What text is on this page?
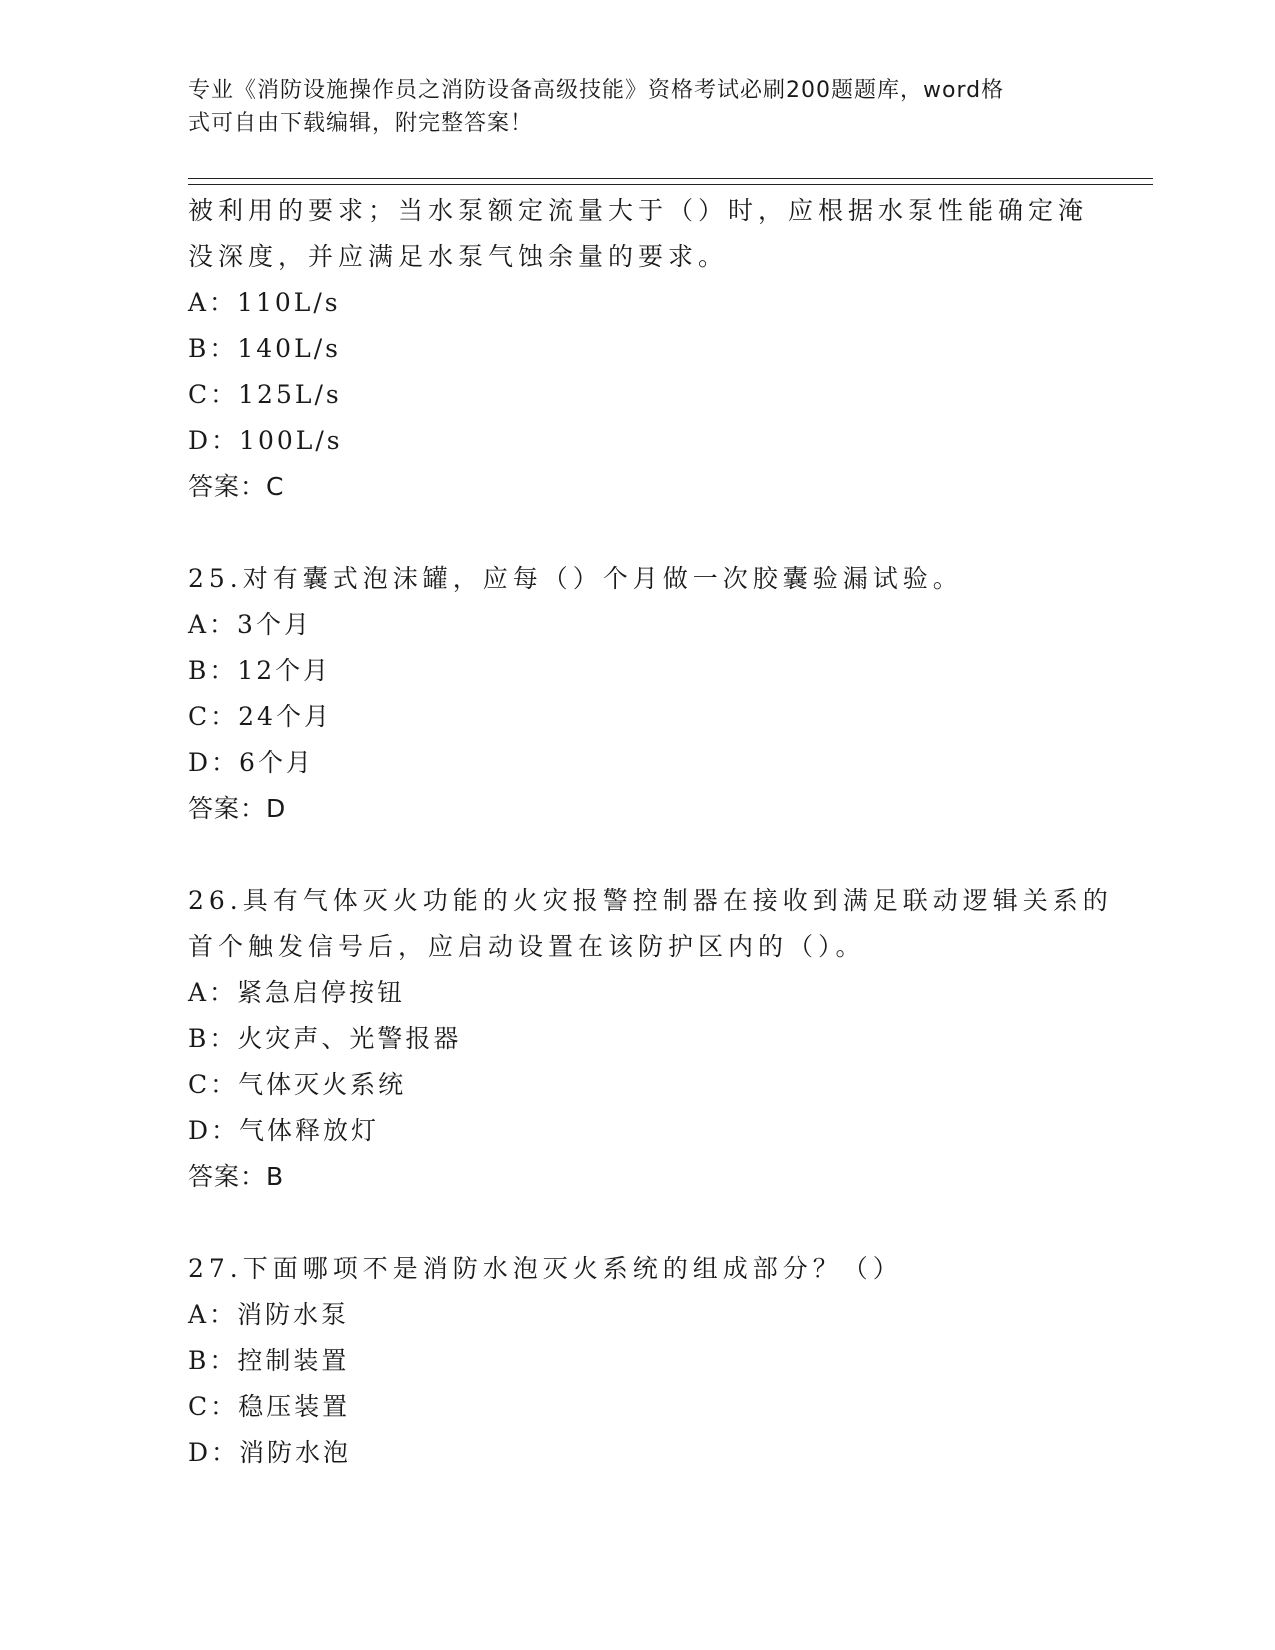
专业《消防设施操作员之消防设备高级技能》资格考试必刷200题题库，word格
式可自由下载编辑，附完整答案！
被利用的要求；当水泵额定流量大于（）时，应根据水泵性能确定淹
没深度，并应满足水泵气蚀余量的要求。
A：110L/s
B：140L/s
C：125L/s
D：100L/s
答案：C
25.对有囊式泡沫罐，应每（）个月做一次胶囊验漏试验。
A：3个月
B：12个月
C：24个月
D：6个月
答案：D
26.具有气体灭火功能的火灾报警控制器在接收到满足联动逻辑关系的
首个触发信号后，应启动设置在该防护区内的（）。
A：紧急启停按钮
B：火灾声、光警报器
C：气体灭火系统
D：气体释放灯
答案：B
27.下面哪项不是消防水泡灭火系统的组成部分？（）
A：消防水泵
B：控制装置
C：稳压装置
D：消防水泡
